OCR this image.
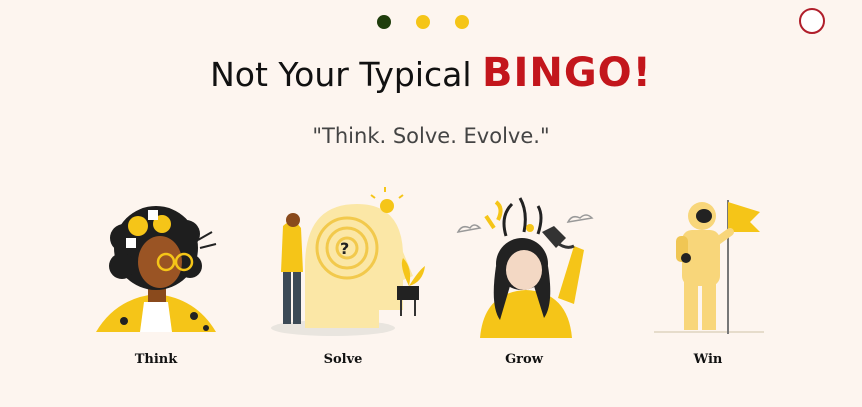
Not Your Typical BINGO!
"Think. Solve. Evolve."
Think
?
Solve	Grow	Win
